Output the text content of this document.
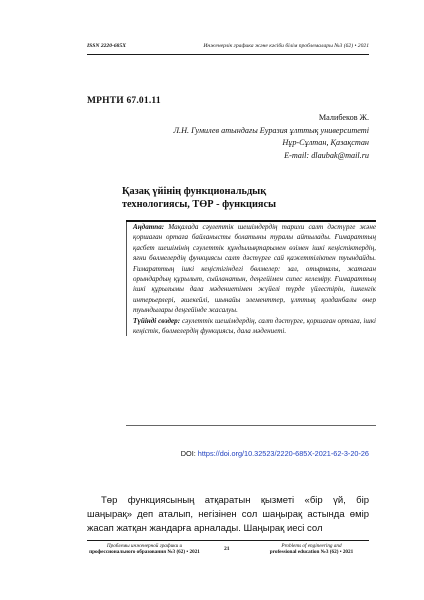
ISSN 2220-685X	Инженерлік графика және кәсіби білім проблемалары №3 (62) • 2021
МРНТИ 67.01.11
Малибеков Ж.
Л.Н. Гумилев атындағы Еуразия ұлттық университеті
Нұр-Сұлтан, Қазақстан
E-mail: dlaubak@mail.ru
Қазақ үйінің функциональдық
технологиясы, ТӨР - функциясы

Аңдатпа: Мақалада сәулеттік шешімдердің тарихи салт дәстүрге және қоршаған ортаға байланысты болатыны туралы айтылады. Ғимараттың қасбет шешімінің сәулеттік құндылықтарымен өзімен ішкі кеңістіктердің, яғни бөлмелердің функциясы салт дәстүрге сай қажеттіліктен туындайды. Ғимараттың ішкі кеңістігіндегі бөлмелер: зал, отырмалы, жатаған орындардың құрылыт, сыйланатын, деңгейімен сипес келеміру. Ғимараттың ішкі құрылымы дала мәдениетімен жүйелі түрде үйлестірін, ішкенгік интерьерлері, әшекейлі, шынайы элементтер, ұлттық қолданбалы өнер туындылары деңгейінде жасалуы.

Түйінді сөздер: сәулеттік шешімдердің, салт дәстүрге, қоршаған ортаға, ішкі кеңістік, бөлмелердің функциясы, дала мәдениеті.

DOI: https://doi.org/10.32523/2220-685X-2021-62-3-20-26

Төр функциясының атқаратын қызметі «бір үй, бір шаңырақ» деп аталып, негізінен сол шаңырақ астында өмір жасап жатқан жандарға арналады. Шаңырақ иесі сол

Проблемы инженерной графики и
профессионального образования №3 (62) • 2021
21	Problems of engineering and
professional education №3 (62) • 2021
